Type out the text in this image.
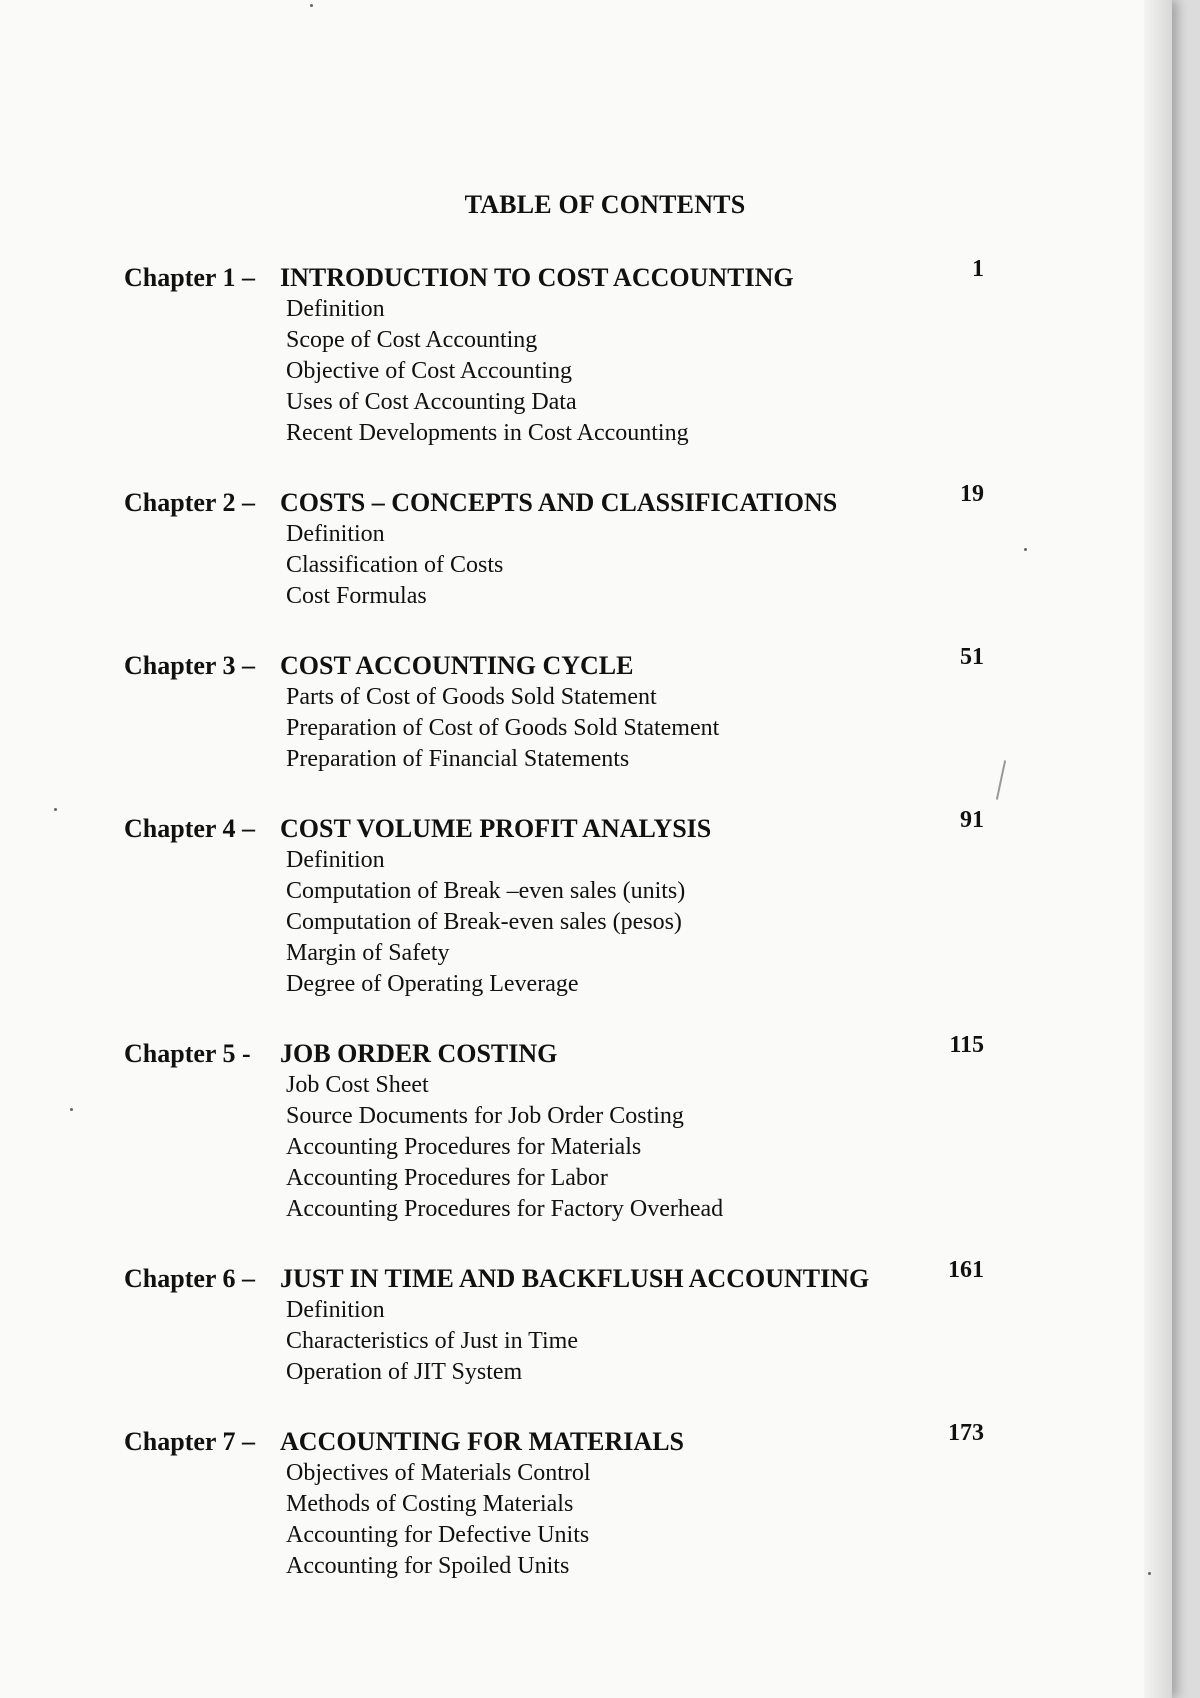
TABLE OF CONTENTS
Chapter 1 – INTRODUCTION TO COST ACCOUNTING	1
Definition
Scope of Cost Accounting
Objective of Cost Accounting
Uses of Cost Accounting Data
Recent Developments in Cost Accounting
Chapter 2 – COSTS – CONCEPTS AND CLASSIFICATIONS	19
Definition
Classification of Costs
Cost Formulas
Chapter 3 – COST ACCOUNTING CYCLE	51
Parts of Cost of Goods Sold Statement
Preparation of Cost of Goods Sold Statement
Preparation of Financial Statements
Chapter 4 – COST VOLUME PROFIT ANALYSIS	91
Definition
Computation of Break –even sales (units)
Computation of Break-even sales (pesos)
Margin of Safety
Degree of Operating Leverage
Chapter 5 -	JOB ORDER COSTING	115
Job Cost Sheet
Source Documents for Job Order Costing
Accounting Procedures for Materials
Accounting Procedures for Labor
Accounting Procedures for Factory Overhead
Chapter 6 – JUST IN TIME AND BACKFLUSH ACCOUNTING	161
Definition
Characteristics of Just in Time
Operation of JIT System
Chapter 7 – ACCOUNTING FOR MATERIALS	173
Objectives of Materials Control
Methods of Costing Materials
Accounting for Defective Units
Accounting for Spoiled Units
